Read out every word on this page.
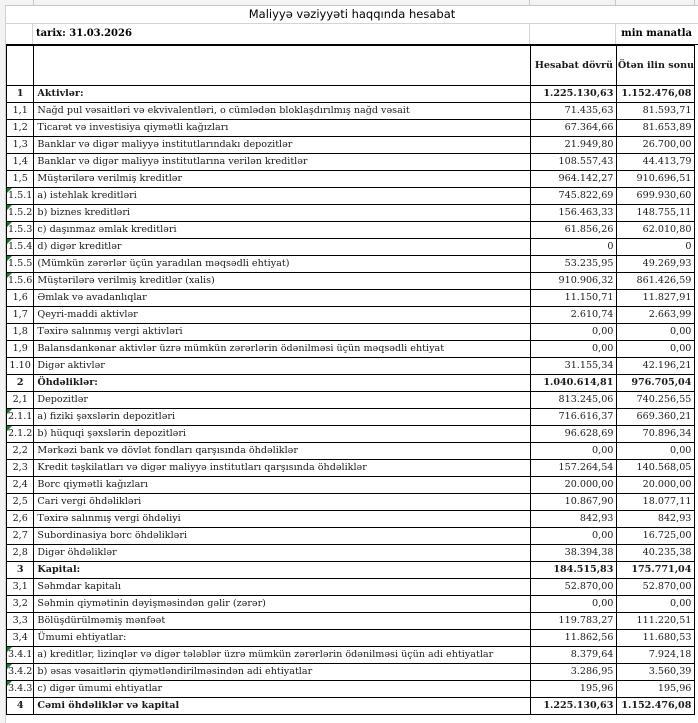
Maliyyə vəziyyəti haqqında hesabat
tarix: 31.03.2026	min manatla
		Hesabat dövrü	Ötən ilin sonu
1	Aktivlər:	1.225.130,63	1.152.476,08
1,1	Nağd pul vəsaitləri və ekvivalentləri, o cümlədən bloklaşdırılmış nağd vəsait	71.435,63	81.593,71
1,2	Ticarət və investisiya qiymətli kağızları	67.364,66	81.653,89
1,3	Banklar və digər maliyyə institutlarındakı depozitlər	21.949,80	26.700,00
1,4	Banklar və digər maliyyə institutlarına verilən kreditlər	108.557,43	44.413,79
1,5	Müştərilərə verilmiş kreditlər	964.142,27	910.696,51
1.5.1	a) istehlak kreditləri	745.822,69	699.930,60
1.5.2	b) biznes kreditləri	156.463,33	148.755,11
1.5.3	c) daşınmaz əmlak kreditləri	61.856,26	62.010,80
1.5.4	d) digər kreditlər	0	0
1.5.5	(Mümkün zərərlər üçün yaradılan məqsədli ehtiyat)	53.235,95	49.269,93
1.5.6	Müştərilərə verilmiş kreditlər (xalis)	910.906,32	861.426,59
1,6	Əmlak və avadanlıqlar	11.150,71	11.827,91
1,7	Qeyri-maddi aktivlər	2.610,74	2.663,99
1,8	Təxirə salınmış vergi aktivləri	0,00	0,00
1,9	Balansdankənar aktivlər üzrə mümkün zərərlərin ödənilməsi üçün məqsədli ehtiyat	0,00	0,00
1.10	Digər aktivlər	31.155,34	42.196,21
2	Öhdəliklər:	1.040.614,81	976.705,04
2,1	Depozitlər	813.245,06	740.256,55
2.1.1	a) fiziki şəxslərin depozitləri	716.616,37	669.360,21
2.1.2	b) hüquqi şəxslərin depozitləri	96.628,69	70.896,34
2,2	Mərkəzi bank və dövlət fondları qarşısında öhdəliklər	0,00	0,00
2,3	Kredit təşkilatları və digər maliyyə institutları qarşısında öhdəliklər	157.264,54	140.568,05
2,4	Borc qiymətli kağızları	20.000,00	20.000,00
2,5	Cari vergi öhdəlikləri	10.867,90	18.077,11
2,6	Təxirə salınmış vergi öhdəliyi	842,93	842,93
2,7	Subordinasiya borc öhdəlikləri	0,00	16.725,00
2,8	Digər öhdəliklər	38.394,38	40.235,38
3	Kapital:	184.515,83	175.771,04
3,1	Səhmdar kapitalı	52.870,00	52.870,00
3,2	Səhmin qiymətinin dəyişməsindən gəlir (zərər)	0,00	0,00
3,3	Bölüşdürülməmiş mənfəət	119.783,27	111.220,51
3,4	Ümumi ehtiyatlar:	11.862,56	11.680,53
3.4.1	a) kreditlər, lizinqlər və digər tələblər üzrə mümkün zərərlərin ödənilməsi üçün adi ehtiyatlar	8.379,64	7.924,18
3.4.2	b) əsas vəsaitlərin qiymətləndirilməsindən adi ehtiyatlar	3.286,95	3.560,39
3.4.3	c) digər ümumi ehtiyatlar	195,96	195,96
4	Cəmi öhdəliklər və kapital	1.225.130,63	1.152.476,08
